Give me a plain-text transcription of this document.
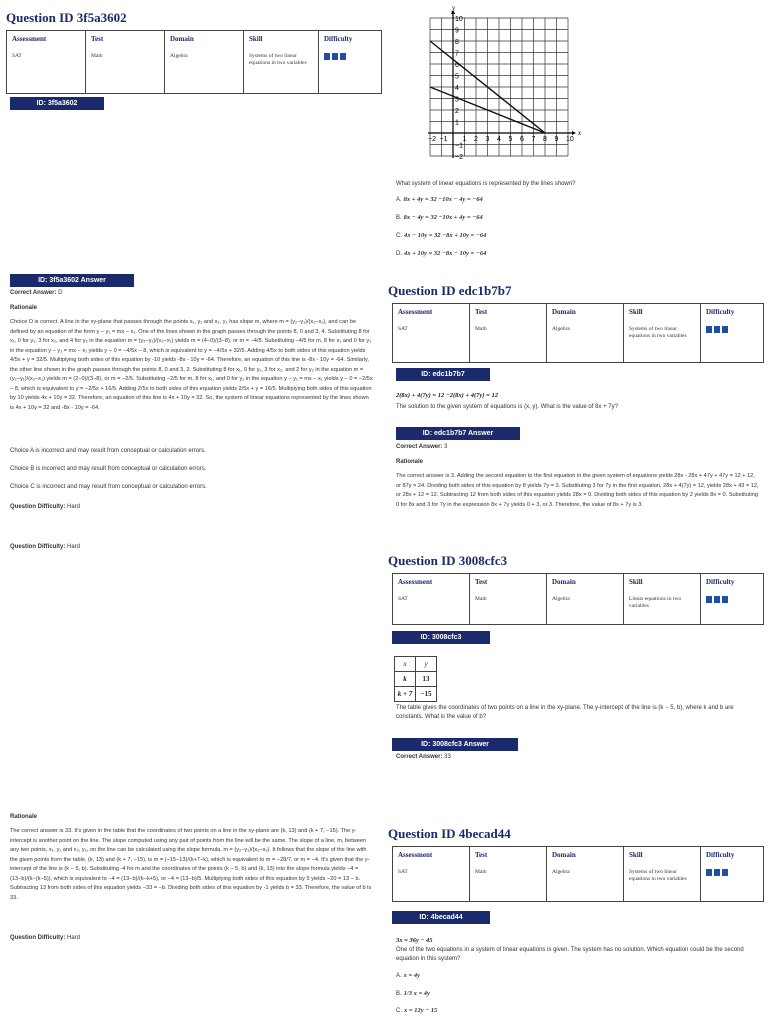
Question ID 3f5a3602
Assessment
SAT

Test
Math

Domain
Algebra

Skill
Systems of two linear equations in two variables

Difficulty
ID: 3f5a3602
ID: 3f5a3602 Answer
Correct Answer: D
Rationale
Choice D is correct. A line in the xy-plane that passes through the points x₁, y₁ and x₂, y₂ has slope m, where m = (y₂−y₁)/(x₂−x₁), and can be defined by an equation of the form y − y₁ = mx − x₁. One of the lines shown in the graph passes through the points 8, 0 and 3, 4. Substituting 8 for x₁, 0 for y₁, 3 for x₂, and 4 for y₂ in the equation m = (y₂−y₁)/(x₂−x₁) yields m = (4−0)/(3−8), or m = −4/5. Substituting −4/5 for m, 8 for x₁ and 0 for y₁ in the equation y − y₁ = mx − x₁ yields y − 0 = −4/5x − 8, which is equivalent to y = −4/5x + 32/5. Adding 4/5x to both sides of this equation yields 4/5x + y = 32/5. Multiplying both sides of this equation by -10 yields -8x - 10y = -64. Therefore, an equation of this line is -8x - 10y = -64. Similarly, the other line shown in the graph passes through the points 8, 0 and 3, 2. Substituting 8 for x₁, 0 for y₁, 3 for x₂, and 2 for y₂ in the equation m = (y₂−y₁)/(x₂−x₁) yields m = (2−0)/(3−8), or m = −2/5. Substituting −2/5 for m, 8 for x₁, and 0 for y₁ in the equation y − y₁ = mx − x₁ yields y − 0 = −2/5x − 8, which is equivalent to y = −2/5x + 16/5. Adding 2/5x to both sides of this equation yields 2/5x + y = 16/5. Multiplying both sides of this equation by 10 yields 4x + 10y = 32. Therefore, an equation of this line is 4x + 10y = 32. So, the system of linear equations represented by the lines shown is 4x + 10y = 32 and -8x - 10y = -64.
Choice A is incorrect and may result from conceptual or calculation errors.
Choice B is incorrect and may result from conceptual or calculation errors.
Choice C is incorrect and may result from conceptual or calculation errors.
Question Difficulty: Hard
Question Difficulty: Hard
Rationale
The correct answer is 33. It's given in the table that the coordinates of two points on a line in the xy-plane are (k, 13) and (k + 7, −15). The y-intercept is another point on the line. The slope computed using any pair of points from the line will be the same. The slope of a line, m, between any two points, x₁, y₁ and x₂, y₂, on the line can be calculated using the slope formula, m = (y₂−y₁)/(x₂−x₁). It follows that the slope of the line with the given points from the table, (k, 13) and (k + 7, −15), is m = (−15−13)/(k+7−k), which is equivalent to m = −28/7, or m = −4. It's given that the y-intercept of the line is (k − 5, b). Substituting -4 for m and the coordinates of the points (k − 5, b) and (k, 13) into the slope formula yields −4 = (13−b)/(k−(k−5)), which is equivalent to −4 = (13−b)/(k−k+5), or −4 = (13−b)/5. Multiplying both sides of this equation by 5 yields −20 = 13 − b. Subtracting 13 from both sides of this equation yields −33 = −b. Dividing both sides of this equation by -1 yields b = 33. Therefore, the value of b is 33.
Question Difficulty: Hard
−2 −1 1 2 3 4 5 6 7 8 9 10
10
9
8
7
6
5
4
3
2
1
−1
−2
x
y
What system of linear equations is represented by the lines shown?
A. 8x + 4y = 32 −10x − 4y = −64
B. 8x − 4y = 32 −10x + 4y = −64
C. 4x − 10y = 32 −8x + 10y = −64
D. 4x + 10y = 32 −8x − 10y = −64
Question ID edc1b7b7
Assessment
SAT

Test
Math

Domain
Algebra

Skill
Systems of two linear equations in two variables

Difficulty
ID: edc1b7b7
2(8x) + 4(7y) = 12 −2(8x) + 4(7y) = 12
The solution to the given system of equations is (x, y). What is the value of 8x + 7y?
ID: edc1b7b7 Answer
Correct Answer: 3
Rationale
The correct answer is 3. Adding the second equation to the first equation in the given system of equations yields 28x - 28x + 47y + 47y = 12 + 12, or 87y = 24. Dividing both sides of this equation by 8 yields 7y = 3. Substituting 3 for 7y in the first equation, 28x + 4(7y) = 12, yields 28x + 43 = 12, or 28x + 12 = 12. Subtracting 12 from both sides of this equation yields 28x = 0. Dividing both sides of this equation by 2 yields 8x = 0. Substituting 0 for 8x and 3 for 7y in the expression 8x + 7y yields 0 + 3, or 3. Therefore, the value of 8x + 7y is 3.
Question ID 3008cfc3
Assessment
SAT

Test
Math

Domain
Algebra

Skill
Linear equations in two variables

Difficulty
ID: 3008cfc3
x	y
k	13
k + 7	−15
The table gives the coordinates of two points on a line in the xy-plane. The y-intercept of the line is (k − 5, b), where k and b are constants. What is the value of b?
ID: 3008cfc3 Answer
Correct Answer: 33
Question ID 4becad44
Assessment
SAT

Test
Math

Domain
Algebra

Skill
Systems of two linear equations in two variables

Difficulty
ID: 4becad44
3x = 36y − 45
One of the two equations in a system of linear equations is given. The system has no solution. Which equation could be the second equation in this system?
A. x = 4y
B. 1/3 x = 4y
C. x = 12y − 15
